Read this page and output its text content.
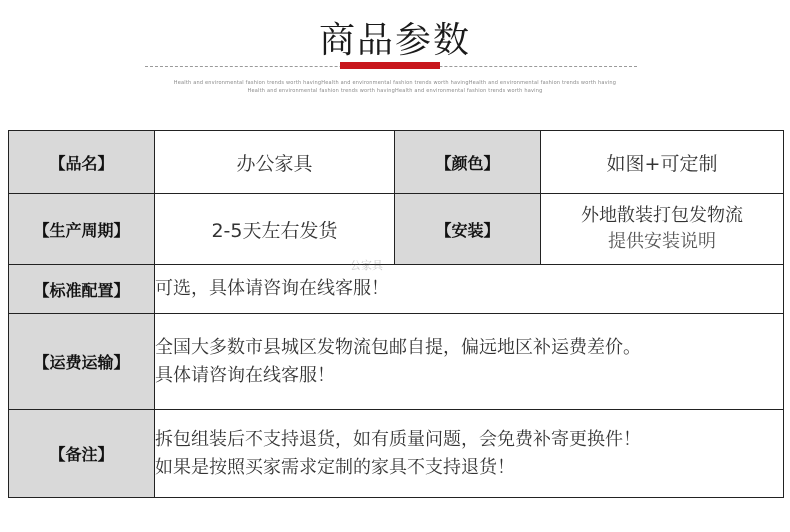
商品参数
Health and environmental fashion trends worth havingHealth and environmental fashion trends worth havingHealth and environmental fashion trends worth having
Health and environmental fashion trends worth havingHealth and environmental fashion trends worth having
【品名】	办公家具	【颜色】	如图+可定制
【生产周期】	2-5天左右发货	【安装】	外地散装打包发物流
提供安装说明

【标准配置】	可选，具体请咨询在线客服！		
【运费运输】	全国大多数市县城区发物流包邮自提，偏远地区补运费差价。
具体请咨询在线客服！		

【备注】	拆包组装后不支持退货，如有质量问题，会免费补寄更换件！
如果是按照买家需求定制的家具不支持退货！		
公家具
